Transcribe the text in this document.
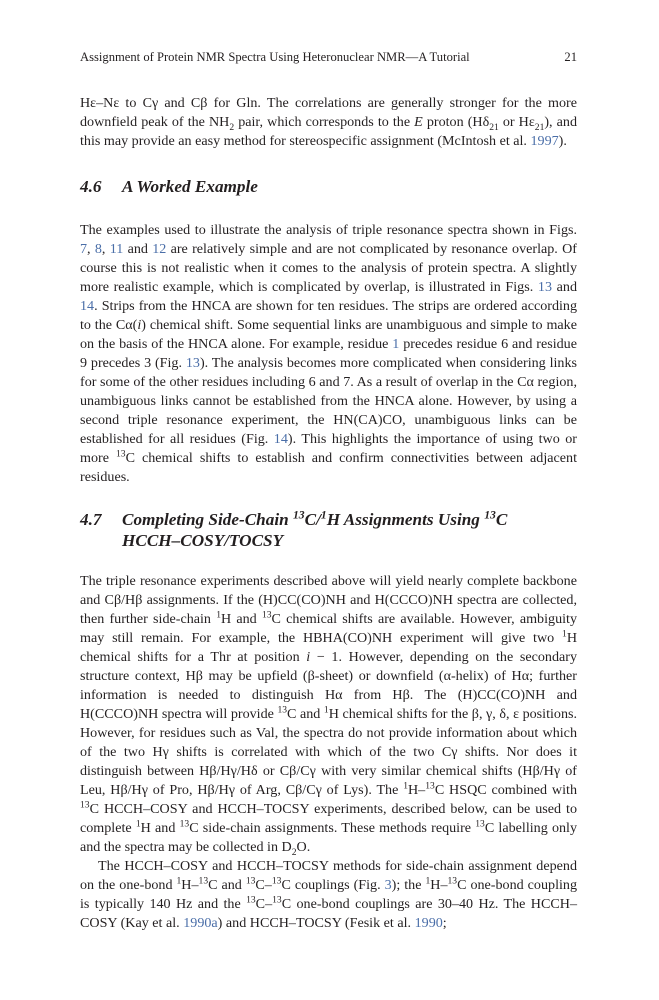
Assignment of Protein NMR Spectra Using Heteronuclear NMR—A Tutorial	21

Hε–Nε to Cγ and Cβ for Gln. The correlations are generally stronger for the more downfield peak of the $NH_2$ pair, which corresponds to the E proton ($H\delta_{21}$ or $H\varepsilon_{21}$), and this may provide an easy method for stereospecific assignment (McIntosh et al. 1997).

4.6 A Worked Example

The examples used to illustrate the analysis of triple resonance spectra shown in Figs. 7, 8, 11 and 12 are relatively simple and are not complicated by resonance overlap. Of course this is not realistic when it comes to the analysis of protein spectra. A slightly more realistic example, which is complicated by overlap, is illustrated in Figs. 13 and 14. Strips from the HNCA are shown for ten residues. The strips are ordered according to the Cα(i) chemical shift. Some sequential links are unambiguous and simple to make on the basis of the HNCA alone. For example, residue 1 precedes residue 6 and residue 9 precedes 3 (Fig. 13). The analysis becomes more complicated when considering links for some of the other residues including 6 and 7. As a result of overlap in the Cα region, unambiguous links cannot be established from the HNCA alone. However, by using a second triple resonance experiment, the HN(CA)CO, unambiguous links can be established for all residues (Fig. 14). This highlights the importance of using two or more $^{13}$C chemical shifts to establish and confirm connectivities between adjacent residues.

4.7 Completing Side-Chain $^{13}$C/$^1$H Assignments Using $^{13}$C
HCCH–COSY/TOCSY

The triple resonance experiments described above will yield nearly complete backbone and Cβ/Hβ assignments. If the (H)CC(CO)NH and H(CCCO)NH spectra are collected, then further side-chain $^1$H and $^{13}$C chemical shifts are available. However, ambiguity may still remain. For example, the HBHA(CO)NH experiment will give two $^1$H chemical shifts for a Thr at position i − 1. However, depending on the secondary structure context, Hβ may be upfield (β-sheet) or downfield (α-helix) of Hα; further information is needed to distinguish Hα from Hβ. The (H)CC(CO)NH and H(CCCO)NH spectra will provide $^{13}$C and $^1$H chemical shifts for the β, γ, δ, ε positions. However, for residues such as Val, the spectra do not provide information about which of the two Hγ shifts is correlated with which of the two Cγ shifts. Nor does it distinguish between Hβ/Hγ/Hδ or Cβ/Cγ with very similar chemical shifts (Hβ/Hγ of Leu, Hβ/Hγ of Pro, Hβ/Hγ of Arg, Cβ/Cγ of Lys). The $^1$H–$^{13}$C HSQC combined with $^{13}$C HCCH–COSY and HCCH–TOCSY experiments, described below, can be used to complete $^1$H and $^{13}$C side-chain assignments. These methods require $^{13}$C labelling only and the spectra may be collected in $D_2O$.

The HCCH–COSY and HCCH–TOCSY methods for side-chain assignment depend on the one-bond $^1$H–$^{13}$C and $^{13}$C–$^{13}$C couplings (Fig. 3); the $^1$H–$^{13}$C one-bond coupling is typically 140 Hz and the $^{13}$C–$^{13}$C one-bond couplings are 30–40 Hz. The HCCH–COSY (Kay et al. 1990a) and HCCH–TOCSY (Fesik et al. 1990;
